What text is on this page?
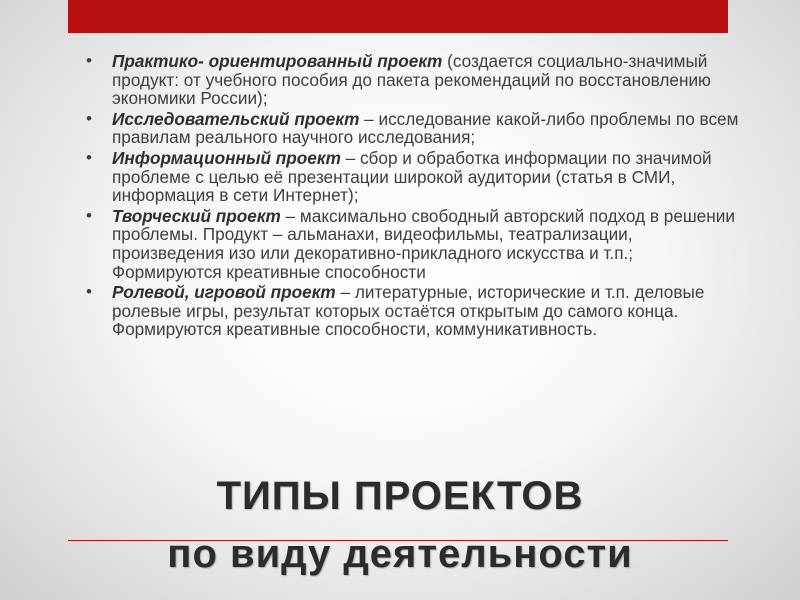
• Практико- ориентированный проект (создается социально-значимый продукт: от учебного пособия до пакета рекомендаций по восстановлению экономики России);
• Исследовательский проект – исследование какой-либо проблемы по всем правилам реального научного исследования;
• Информационный проект – сбор и обработка информации по значимой проблеме с целью её презентации широкой аудитории (статья в СМИ, информация в сети Интернет);
• Творческий проект – максимально свободный авторский подход в решении проблемы. Продукт – альманахи, видеофильмы, театрализации, произведения изо или декоративно-прикладного искусства и т.п.; Формируются креативные способности
• Ролевой, игровой проект – литературные, исторические и т.п. деловые ролевые игры, результат которых остаётся открытым до самого конца. Формируются креативные способности, коммуникативность.
ТИПЫ ПРОЕКТОВ
по виду деятельности
